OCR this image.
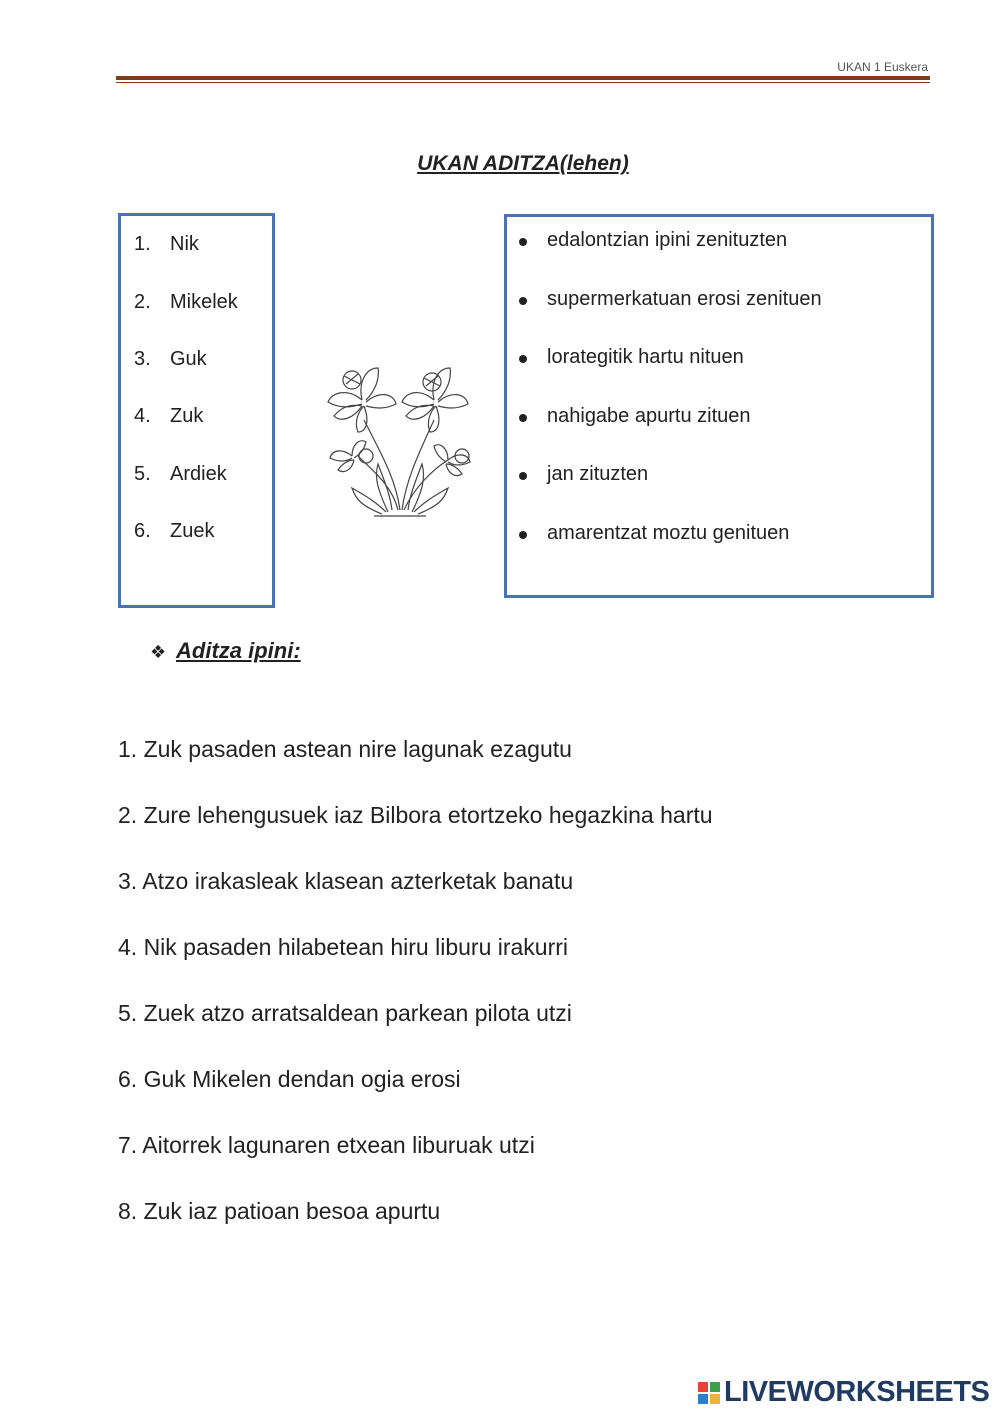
UKAN 1 Euskera
UKAN ADITZA(lehen)
1. Nik
2. Mikelek
3. Guk
4. Zuk
5. Ardiek
6. Zuek
edalontzian ipini zenituzten
supermerkatuan erosi zenituen
lorategitik hartu nituen
nahigabe apurtu zituen
jan zituzten
amarentzat moztu genituen
❖ Aditza ipini:
1. Zuk pasaden astean nire lagunak ezagutu
2. Zure lehengusuek iaz Bilbora etortzeko hegazkina hartu
3. Atzo irakasleak klasean azterketak banatu
4. Nik pasaden hilabetean hiru liburu irakurri
5. Zuek atzo arratsaldean parkean pilota utzi
6. Guk Mikelen dendan ogia erosi
7. Aitorrek lagunaren etxean liburuak utzi
8. Zuk iaz patioan besoa apurtu
LIVEWORKSHEETS
